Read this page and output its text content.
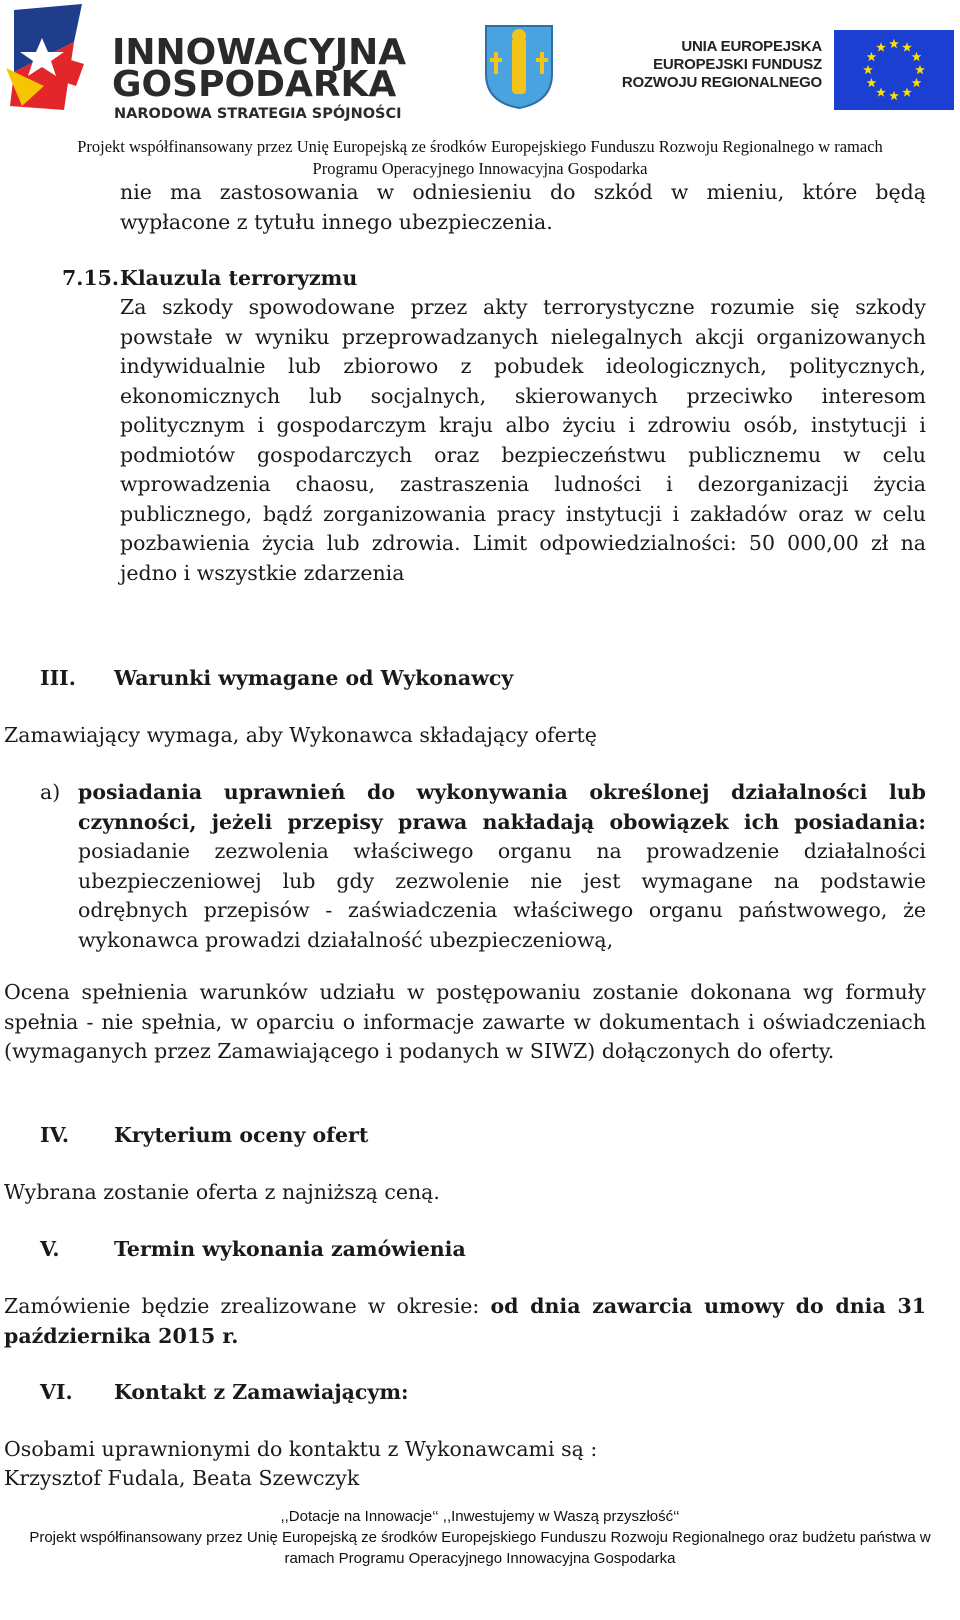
INNOWACYJNA
GOSPODARKA
NARODOWA STRATEGIA SPÓJNOŚCI
UNIA EUROPEJSKA
EUROPEJSKI FUNDUSZ
ROZWOJU REGIONALNEGO
Projekt współfinansowany przez Unię Europejską ze środków Europejskiego Funduszu Rozwoju Regionalnego w ramach
Programu Operacyjnego Innowacyjna Gospodarka
nie ma zastosowania w odniesieniu do szkód w mieniu, które będą
wypłacone z tytułu innego ubezpieczenia.
7.15. Klauzula terroryzmu
Za szkody spowodowane przez akty terrorystyczne rozumie się szkody
powstałe w wyniku przeprowadzanych nielegalnych akcji organizowanych
indywidualnie lub zbiorowo z pobudek ideologicznych, politycznych,
ekonomicznych lub socjalnych, skierowanych przeciwko interesom
politycznym i gospodarczym kraju albo życiu i zdrowiu osób, instytucji i
podmiotów gospodarczych oraz bezpieczeństwu publicznemu w celu
wprowadzenia chaosu, zastraszenia ludności i dezorganizacji życia
publicznego, bądź zorganizowania pracy instytucji i zakładów oraz w celu
pozbawienia życia lub zdrowia. Limit odpowiedzialności: 50 000,00 zł na
jedno i wszystkie zdarzenia
III. Warunki wymagane od Wykonawcy
Zamawiający wymaga, aby Wykonawca składający ofertę
a) posiadania uprawnień do wykonywania określonej działalności lub
czynności, jeżeli przepisy prawa nakładają obowiązek ich posiadania:
posiadanie zezwolenia właściwego organu na prowadzenie działalności
ubezpieczeniowej lub gdy zezwolenie nie jest wymagane na podstawie
odrębnych przepisów - zaświadczenia właściwego organu państwowego, że
wykonawca prowadzi działalność ubezpieczeniową,
Ocena spełnienia warunków udziału w postępowaniu zostanie dokonana wg formuły
spełnia - nie spełnia, w oparciu o informacje zawarte w dokumentach i oświadczeniach
(wymaganych przez Zamawiającego i podanych w SIWZ) dołączonych do oferty.
IV. Kryterium oceny ofert
Wybrana zostanie oferta z najniższą ceną.
V.	Termin wykonania zamówienia
Zamówienie będzie zrealizowane w okresie: od dnia zawarcia umowy do dnia 31
października 2015 r.
VI. Kontakt z Zamawiającym:
Osobami uprawnionymi do kontaktu z Wykonawcami są :
Krzysztof Fudala, Beata Szewczyk
,,Dotacje na Innowacje‘‘ ,,Inwestujemy w Waszą przyszłość‘‘
Projekt współfinansowany przez Unię Europejską ze środków Europejskiego Funduszu Rozwoju Regionalnego oraz budżetu państwa w
ramach Programu Operacyjnego Innowacyjna Gospodarka
